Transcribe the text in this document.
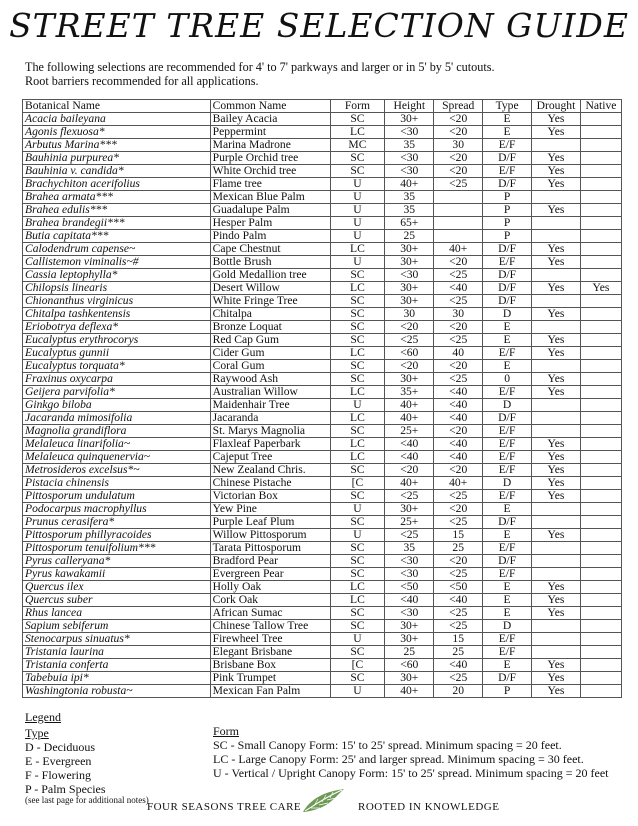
STREET TREE SELECTION GUIDE
The following selections are recommended for 4' to 7' parkways and larger or in 5' by 5' cutouts.
Root barriers recommended for all applications.
Botanical Name	Common Name	Form	Height	Spread	Type	Drought	Native
Acacia baileyana	Bailey Acacia	SC	30+	<20	E	Yes	
Agonis flexuosa*	Peppermint	LC	<30	<20	E	Yes	
Arbutus Marina***	Marina Madrone	MC	35	30	E/F		
Bauhinia purpurea*	Purple Orchid tree	SC	<30	<20	D/F	Yes	
Bauhinia v. candida*	White Orchid tree	SC	<30	<20	E/F	Yes	
Brachychiton acerifolius	Flame tree	U	40+	<25	D/F	Yes	
Brahea armata***	Mexican Blue Palm	U	35		P		
Brahea edulis***	Guadalupe Palm	U	35		P	Yes	
Brahea brandegii***	Hesper Palm	U	65+		P		
Butia capitata***	Pindo Palm	U	25		P		
Calodendrum capense~	Cape Chestnut	LC	30+	40+	D/F	Yes	
Callistemon viminalis~#	Bottle Brush	U	30+	<20	E/F	Yes	
Cassia leptophylla*	Gold Medallion tree	SC	<30	<25	D/F		
Chilopsis linearis	Desert Willow	LC	30+	<40	D/F	Yes	Yes
Chionanthus virginicus	White Fringe Tree	SC	30+	<25	D/F		
Chitalpa tashkentensis	Chitalpa	SC	30	30	D	Yes	
Eriobotrya deflexa*	Bronze Loquat	SC	<20	<20	E		
Eucalyptus erythrocorys	Red Cap Gum	SC	<25	<25	E	Yes	
Eucalyptus gunnii	Cider Gum	LC	<60	40	E/F	Yes	
Eucalyptus torquata*	Coral Gum	SC	<20	<20	E		
Fraxinus oxycarpa	Raywood Ash	SC	30+	<25	0	Yes	
Geijera parvifolia*	Australian Willow	LC	35+	<40	E/F	Yes	
Ginkgo biloba	Maidenhair Tree	U	40+	<40	D		
Jacaranda mimosifolia	Jacaranda	LC	40+	<40	D/F		
Magnolia grandiflora	St. Marys Magnolia	SC	25+	<20	E/F		
Melaleuca linarifolia~	Flaxleaf Paperbark	LC	<40	<40	E/F	Yes	
Melaleuca quinquenervia~	Cajeput Tree	LC	<40	<40	E/F	Yes	
Metrosideros excelsus*~	New Zealand Chris.	SC	<20	<20	E/F	Yes	
Pistacia chinensis	Chinese Pistache	[C	40+	40+	D	Yes	
Pittosporum undulatum	Victorian Box	SC	<25	<25	E/F	Yes	
Podocarpus macrophyllus	Yew Pine	U	30+	<20	E		
Prunus cerasifera*	Purple Leaf Plum	SC	25+	<25	D/F		
Pittosporum phillyracoides	Willow Pittosporum	U	<25	15	E	Yes	
Pittosporum tenuifolium***	Tarata Pittosporum	SC	35	25	E/F		
Pyrus calleryana*	Bradford Pear	SC	<30	<20	D/F		
Pyrus kawakamii	Evergreen Pear	SC	<30	<25	E/F		
Quercus ilex	Holly Oak	LC	<50	<50	E	Yes	
Quercus suber	Cork Oak	LC	<40	<40	E	Yes	
Rhus lancea	African Sumac	SC	<30	<25	E	Yes	
Sapium sebiferum	Chinese Tallow Tree	SC	30+	<25	D		
Stenocarpus sinuatus*	Firewheel Tree	U	30+	15	E/F		
Tristania laurina	Elegant Brisbane	SC	25	25	E/F		
Tristania conferta	Brisbane Box	[C	<60	<40	E	Yes	
Tabebuia ipi*	Pink Trumpet	SC	30+	<25	D/F	Yes	
Washingtonia robusta~	Mexican Fan Palm	U	40+	20	P	Yes	
Legend
Type
D - Deciduous
E - Evergreen
F - Flowering
P - Palm Species
Form
SC - Small Canopy Form: 15' to 25' spread. Minimum spacing = 20 feet.
LC - Large Canopy Form: 25' and larger spread. Minimum spacing = 30 feet.
U - Vertical / Upright Canopy Form: 15' to 25' spread. Minimum spacing = 20 feet
(see last page for additional notes)
FOUR SEASONS TREE CARE	ROOTED IN KNOWLEDGE
